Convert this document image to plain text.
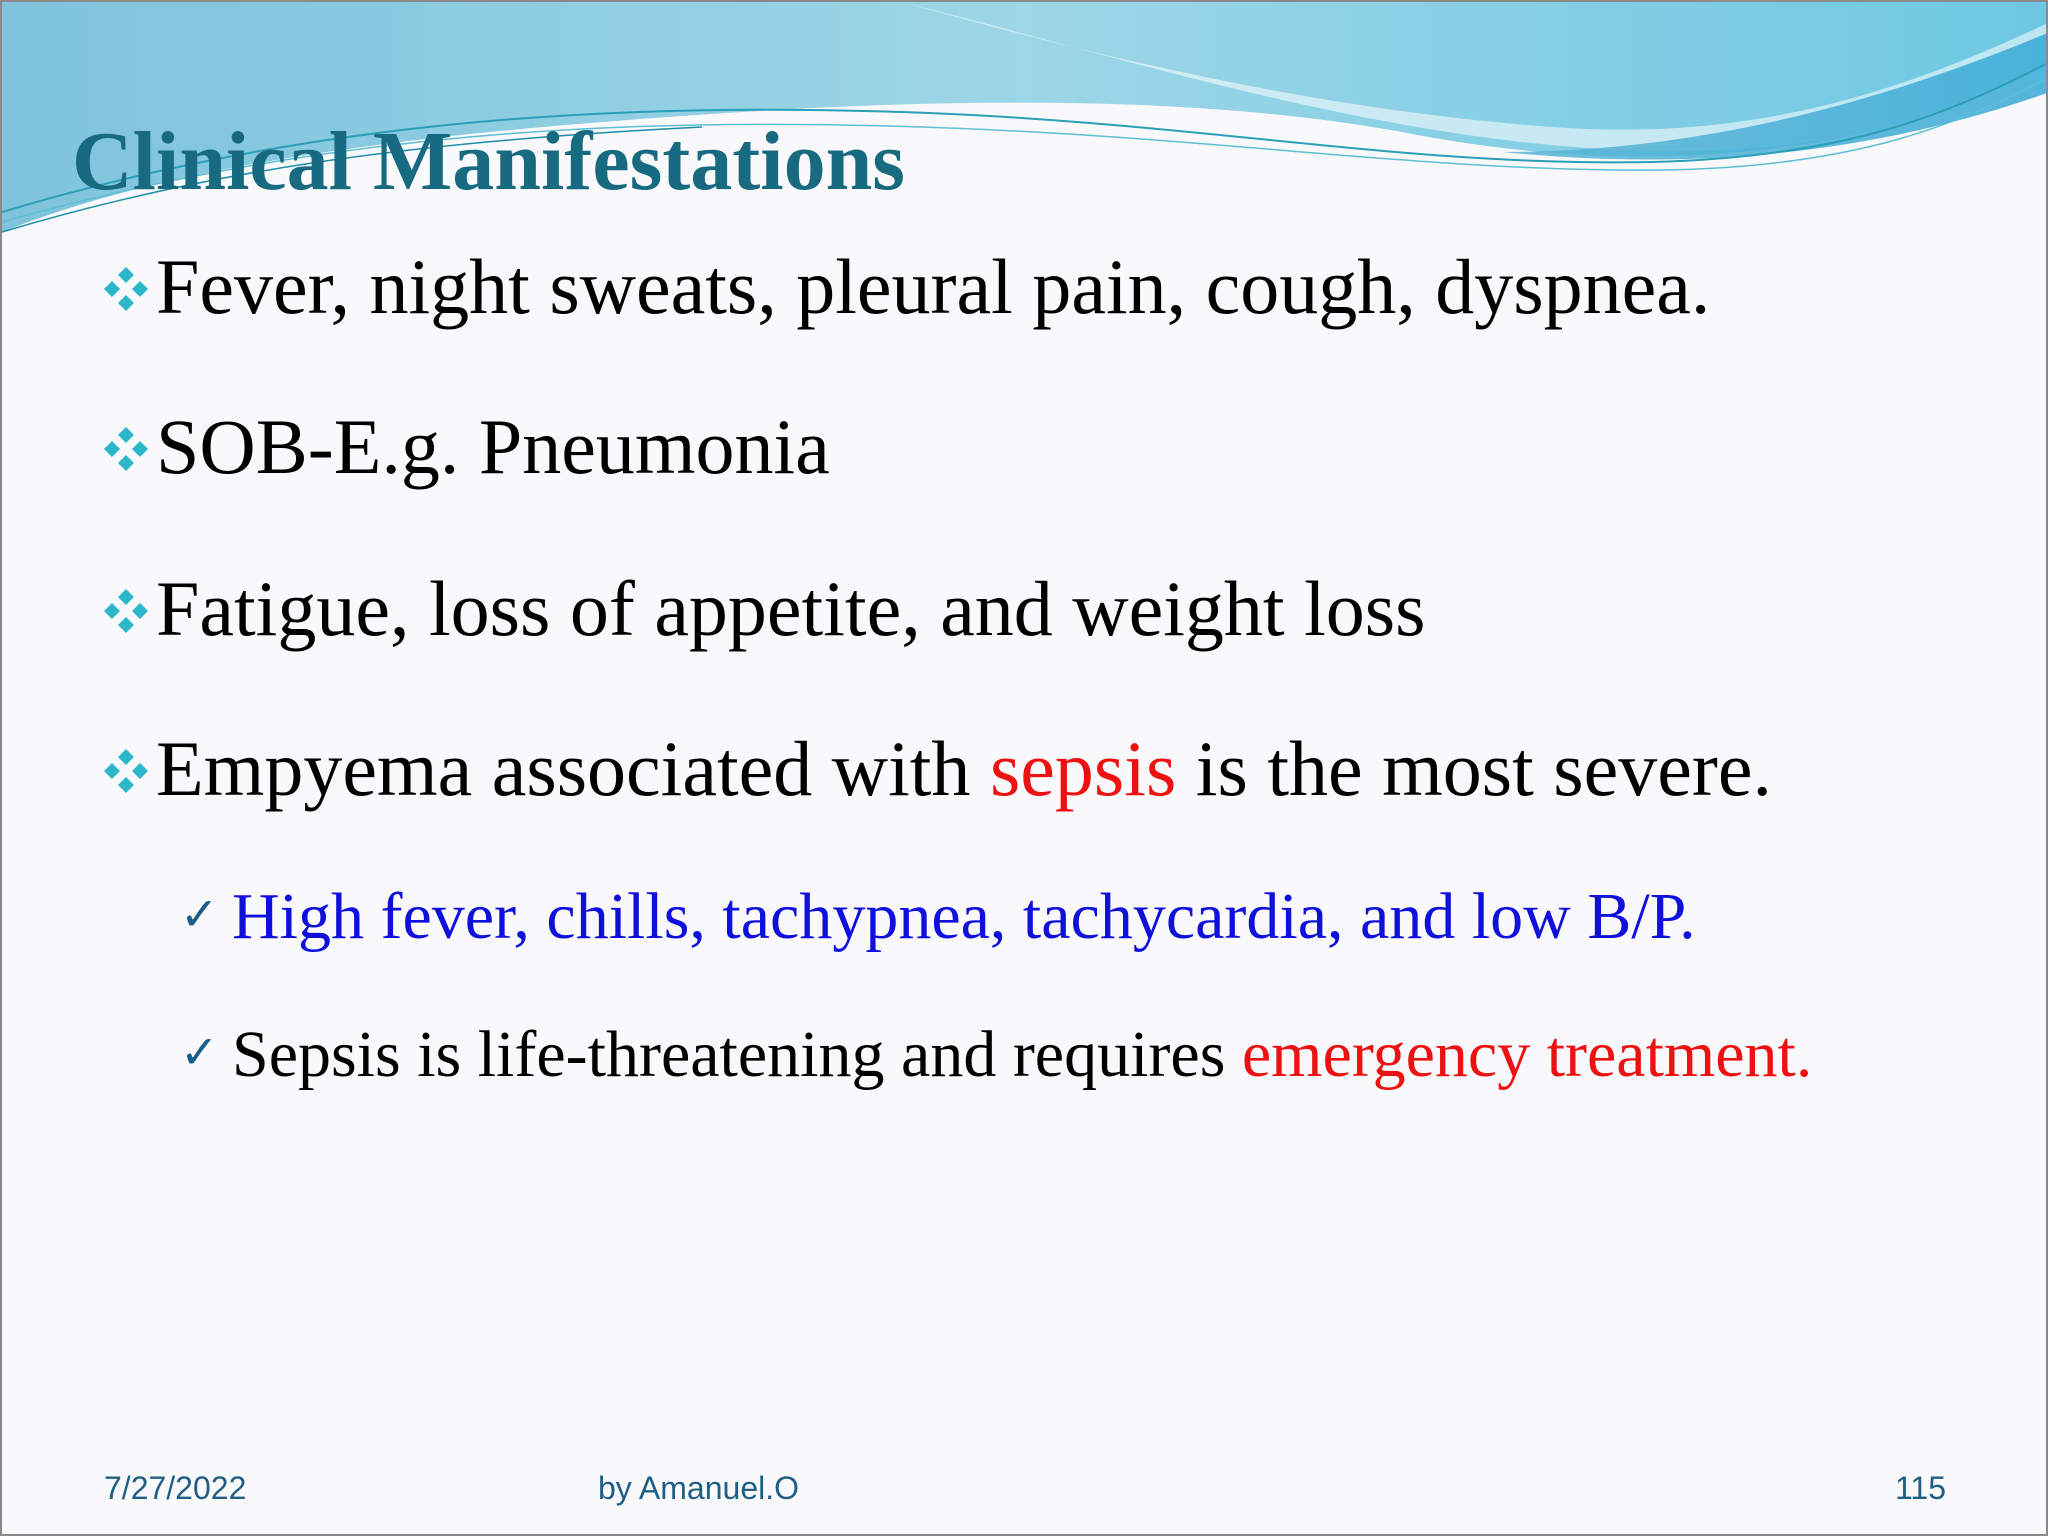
Clinical Manifestations
Fever, night sweats, pleural pain, cough, dyspnea.
SOB-E.g. Pneumonia
Fatigue, loss of appetite, and weight loss
Empyema associated with sepsis is the most severe.
✓ High fever, chills, tachypnea, tachycardia, and low B/P.
✓ Sepsis is life-threatening and requires emergency treatment.
7/27/2022	by Amanuel.O	115
